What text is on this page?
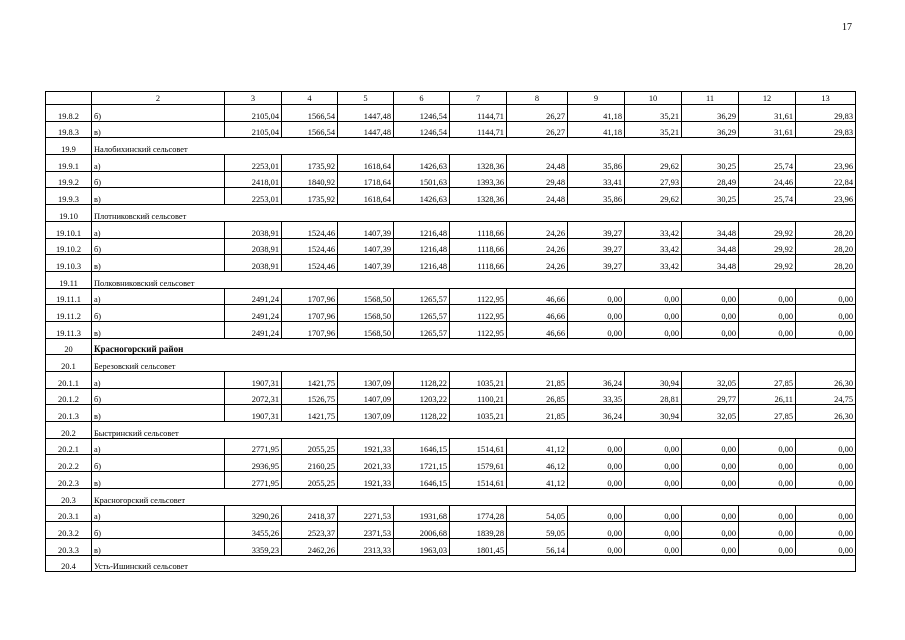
17
	2	3	4	5	6	7	8	9	10	11	12	13
19.8.2	б)	2105,04	1566,54	1447,48	1246,54	1144,71	26,27	41,18	35,21	36,29	31,61	29,83
19.8.3	в)	2105,04	1566,54	1447,48	1246,54	1144,71	26,27	41,18	35,21	36,29	31,61	29,83
19.9	Налобихинский сельсовет											
19.9.1	а)	2253,01	1735,92	1618,64	1426,63	1328,36	24,48	35,86	29,62	30,25	25,74	23,96
19.9.2	б)	2418,01	1840,92	1718,64	1501,63	1393,36	29,48	33,41	27,93	28,49	24,46	22,84
19.9.3	в)	2253,01	1735,92	1618,64	1426,63	1328,36	24,48	35,86	29,62	30,25	25,74	23,96
19.10	Плотниковский сельсовет											
19.10.1	а)	2038,91	1524,46	1407,39	1216,48	1118,66	24,26	39,27	33,42	34,48	29,92	28,20
19.10.2	б)	2038,91	1524,46	1407,39	1216,48	1118,66	24,26	39,27	33,42	34,48	29,92	28,20
19.10.3	в)	2038,91	1524,46	1407,39	1216,48	1118,66	24,26	39,27	33,42	34,48	29,92	28,20
19.11	Полковниковский сельсовет											
19.11.1	а)	2491,24	1707,96	1568,50	1265,57	1122,95	46,66	0,00	0,00	0,00	0,00	0,00
19.11.2	б)	2491,24	1707,96	1568,50	1265,57	1122,95	46,66	0,00	0,00	0,00	0,00	0,00
19.11.3	в)	2491,24	1707,96	1568,50	1265,57	1122,95	46,66	0,00	0,00	0,00	0,00	0,00
20	Красногорский район											
20.1	Березовский сельсовет											
20.1.1	а)	1907,31	1421,75	1307,09	1128,22	1035,21	21,85	36,24	30,94	32,05	27,85	26,30
20.1.2	б)	2072,31	1526,75	1407,09	1203,22	1100,21	26,85	33,35	28,81	29,77	26,11	24,75
20.1.3	в)	1907,31	1421,75	1307,09	1128,22	1035,21	21,85	36,24	30,94	32,05	27,85	26,30
20.2	Быстринский сельсовет											
20.2.1	а)	2771,95	2055,25	1921,33	1646,15	1514,61	41,12	0,00	0,00	0,00	0,00	0,00
20.2.2	б)	2936,95	2160,25	2021,33	1721,15	1579,61	46,12	0,00	0,00	0,00	0,00	0,00
20.2.3	в)	2771,95	2055,25	1921,33	1646,15	1514,61	41,12	0,00	0,00	0,00	0,00	0,00
20.3	Красногорский сельсовет											
20.3.1	а)	3290,26	2418,37	2271,53	1931,68	1774,28	54,05	0,00	0,00	0,00	0,00	0,00
20.3.2	б)	3455,26	2523,37	2371,53	2006,68	1839,28	59,05	0,00	0,00	0,00	0,00	0,00
20.3.3	в)	3359,23	2462,26	2313,33	1963,03	1801,45	56,14	0,00	0,00	0,00	0,00	0,00
20.4	Усть-Ишинский сельсовет											
